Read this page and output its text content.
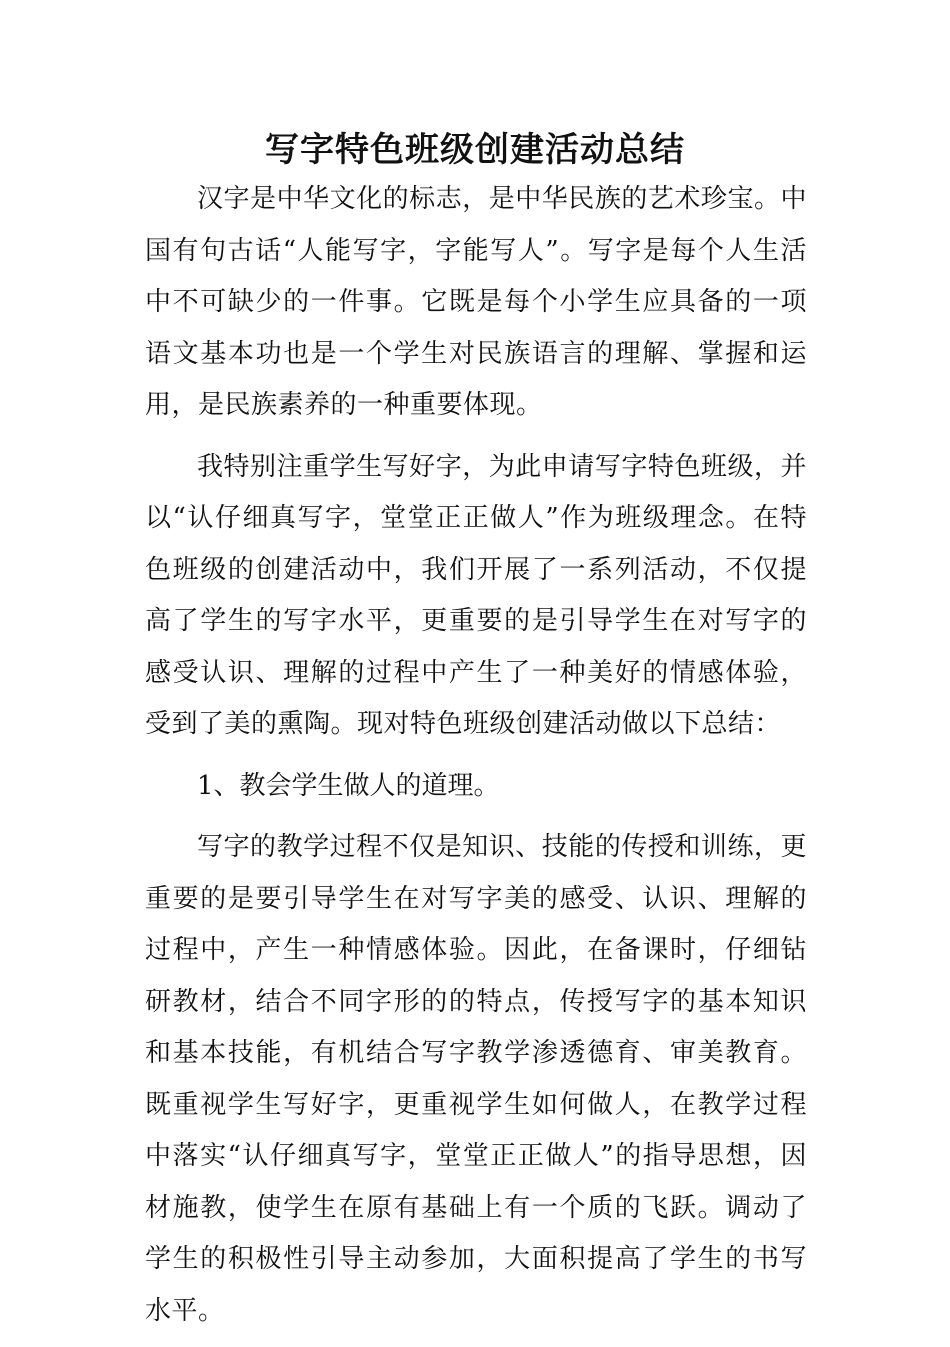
写字特色班级创建活动总结

汉字是中华文化的标志，是中华民族的艺术珍宝。中国有句古话“人能写字，字能写人”。写字是每个人生活中不可缺少的一件事。它既是每个小学生应具备的一项语文基本功也是一个学生对民族语言的理解、掌握和运用，是民族素养的一种重要体现。

我特别注重学生写好字，为此申请写字特色班级，并以“认仔细真写字，堂堂正正做人”作为班级理念。在特色班级的创建活动中，我们开展了一系列活动，不仅提高了学生的写字水平，更重要的是引导学生在对写字的感受认识、理解的过程中产生了一种美好的情感体验，受到了美的熏陶。现对特色班级创建活动做以下总结：

1、教会学生做人的道理。

写字的教学过程不仅是知识、技能的传授和训练，更重要的是要引导学生在对写字美的感受、认识、理解的过程中，产生一种情感体验。因此，在备课时，仔细钻研教材，结合不同字形的的特点，传授写字的基本知识和基本技能，有机结合写字教学渗透德育、审美教育。既重视学生写好字，更重视学生如何做人，在教学过程中落实“认仔细真写字，堂堂正正做人”的指导思想，因材施教，使学生在原有基础上有一个质的飞跃。调动了学生的积极性引导主动参加，大面积提高了学生的书写水平。
